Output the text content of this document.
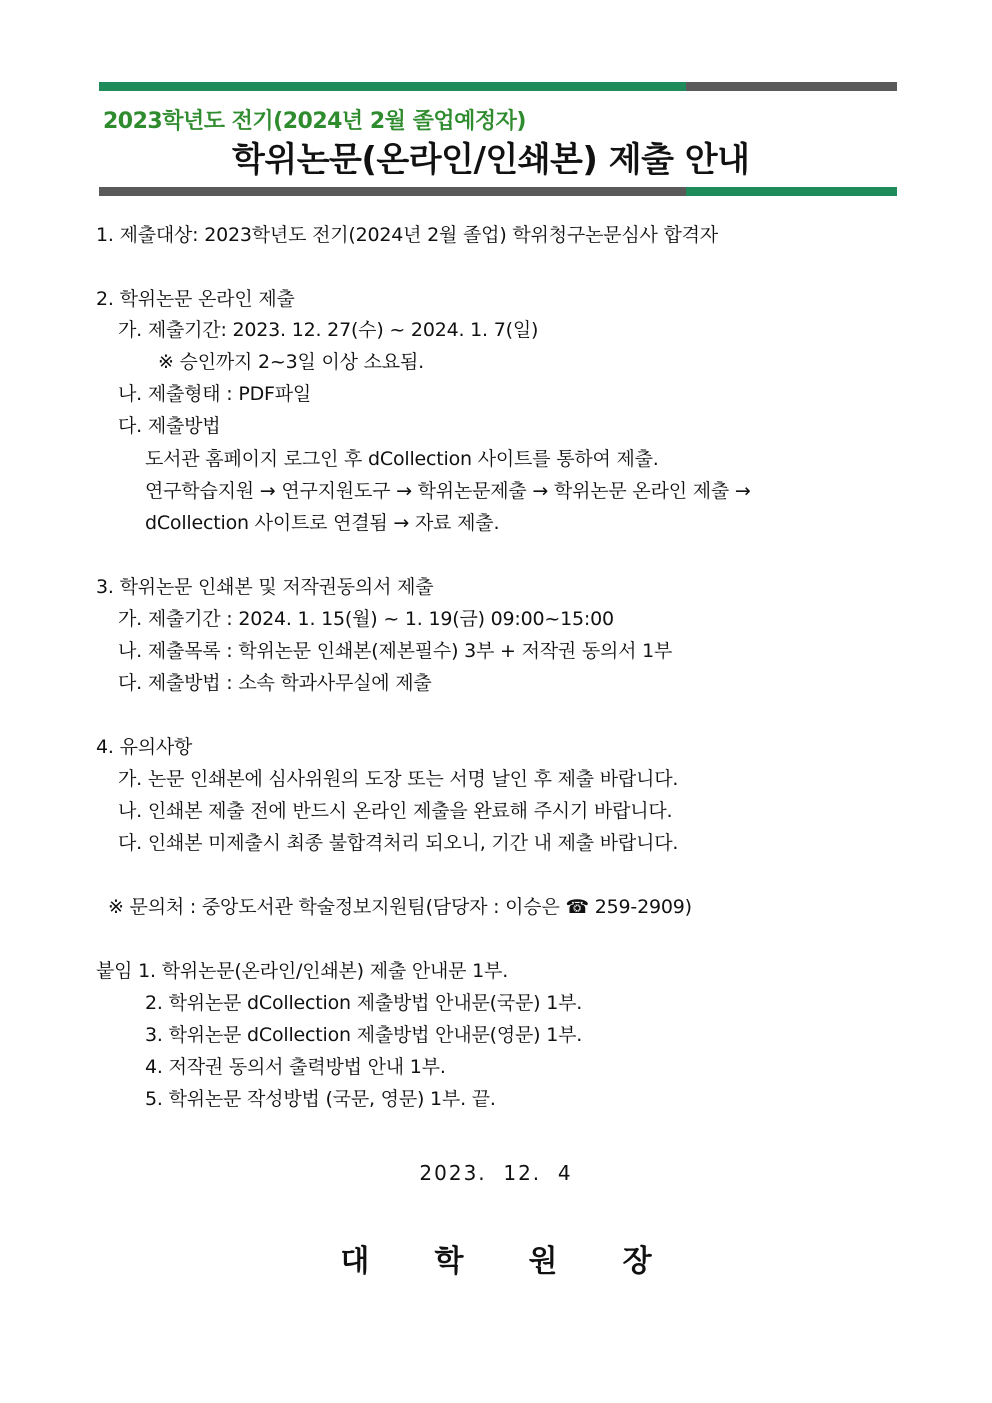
2023학년도 전기(2024년 2월 졸업예정자)
학위논문(온라인/인쇄본) 제출 안내
1. 제출대상: 2023학년도 전기(2024년 2월 졸업) 학위청구논문심사 합격자
2. 학위논문 온라인 제출
가. 제출기간: 2023. 12. 27(수) ~ 2024. 1. 7(일)
※ 승인까지 2~3일 이상 소요됨.
나. 제출형태 : PDF파일
다. 제출방법
도서관 홈페이지 로그인 후 dCollection 사이트를 통하여 제출.
연구학습지원 → 연구지원도구 → 학위논문제출 → 학위논문 온라인 제출 →
dCollection 사이트로 연결됨 → 자료 제출.
3. 학위논문 인쇄본 및 저작권동의서 제출
가. 제출기간 : 2024. 1. 15(월) ~ 1. 19(금) 09:00~15:00
나. 제출목록 : 학위논문 인쇄본(제본필수) 3부 + 저작권 동의서 1부
다. 제출방법 : 소속 학과사무실에 제출
4. 유의사항
가. 논문 인쇄본에 심사위원의 도장 또는 서명 날인 후 제출 바랍니다.
나. 인쇄본 제출 전에 반드시 온라인 제출을 완료해 주시기 바랍니다.
다. 인쇄본 미제출시 최종 불합격처리 되오니, 기간 내 제출 바랍니다.
※ 문의처 : 중앙도서관 학술정보지원팀(담당자 : 이승은 ☎ 259-2909)
붙임 1. 학위논문(온라인/인쇄본) 제출 안내문 1부.
2. 학위논문 dCollection 제출방법 안내문(국문) 1부.
3. 학위논문 dCollection 제출방법 안내문(영문) 1부.
4. 저작권 동의서 출력방법 안내 1부.
5. 학위논문 작성방법 (국문, 영문) 1부. 끝.
2023.  12.  4
대 학 원 장
